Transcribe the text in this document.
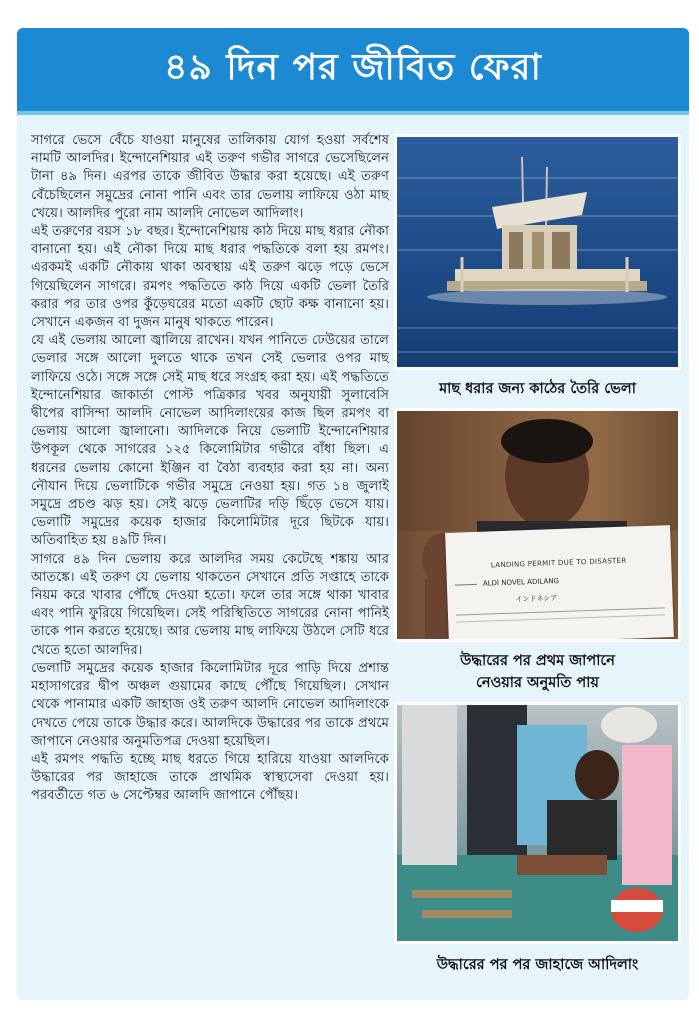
৪৯ দিন পর জীবিত ফেরা

সাগরে ভেসে বেঁচে যাওয়া মানুষের তালিকায় যোগ হওয়া সর্বশেষ নামটি আলদির। ইন্দোনেশিয়ার এই তরুণ গভীর সাগরে ভেসেছিলেন টানা ৪৯ দিন। এরপর তাকে জীবিত উদ্ধার করা হয়েছে। এই তরুণ বেঁচেছিলেন সমুদ্রের নোনা পানি এবং তার ভেলায় লাফিয়ে ওঠা মাছ খেয়ে। আলদির পুরো নাম আলদি নোভেল আদিলাং।

এই তরুণের বয়স ১৮ বছর। ইন্দোনেশিয়ায় কাঠ দিয়ে মাছ ধরার নৌকা বানানো হয়। এই নৌকা দিয়ে মাছ ধরার পদ্ধতিকে বলা হয় রমপং। এরকমই একটি নৌকায় থাকা অবস্থায় এই তরুণ ঝড়ে পড়ে ভেসে গিয়েছিলেন সাগরে। রমপং পদ্ধতিতে কাঠ দিয়ে একটি ভেলা তৈরি করার পর তার ওপর কুঁড়েঘরের মতো একটি ছোট কক্ষ বানানো হয়। সেখানে একজন বা দুজন মানুষ থাকতে পারেন।

যে এই ভেলায় আলো জ্বালিয়ে রাখেন। যখন পানিতে ঢেউয়ের তালে ভেলার সঙ্গে আলো দুলতে থাকে তখন সেই ভেলার ওপর মাছ লাফিয়ে ওঠে। সঙ্গে সঙ্গে সেই মাছ ধরে সংগ্রহ করা হয়। এই পদ্ধতিতে ইন্দোনেশিয়ার জাকার্তা পোস্ট পত্রিকার খবর অনুযায়ী সুলাবেসি দ্বীপের বাসিন্দা আলদি নোভেল আদিলাংয়ের কাজ ছিল রমপং বা ভেলায় আলো জ্বালানো। আদিলকে নিয়ে ভেলাটি ইন্দোনেশিয়ার উপকূল থেকে সাগরের ১২৫ কিলোমিটার গভীরে বাঁধা ছিল। এ ধরনের ভেলায় কোনো ইঞ্জিন বা বৈঠা ব্যবহার করা হয় না। অন্য নৌযান দিয়ে ভেলাটিকে গভীর সমুদ্রে নেওয়া হয়। গত ১৪ জুলাই সমুদ্রে প্রচণ্ড ঝড় হয়। সেই ঝড়ে ভেলাটির দড়ি ছিঁড়ে ভেসে যায়। ভেলাটি সমুদ্রের কয়েক হাজার কিলোমিটার দূরে ছিটকে যায়। অতিবাহিত হয় ৪৯টি দিন।

সাগরে ৪৯ দিন ভেলায় করে আলদির সময় কেটেছে শঙ্কায় আর আতঙ্কে। এই তরুণ যে ভেলায় থাকতেন সেখানে প্রতি সপ্তাহে তাকে নিয়ম করে খাবার পৌঁছে দেওয়া হতো। ফলে তার সঙ্গে থাকা খাবার এবং পানি ফুরিয়ে গিয়েছিল। সেই পরিস্থিতিতে সাগরের নোনা পানিই তাকে পান করতে হয়েছে। আর ভেলায় মাছ লাফিয়ে উঠলে সেটি ধরে খেতে হতো আলদির।

ভেলাটি সমুদ্রের কয়েক হাজার কিলোমিটার দূরে পাড়ি দিয়ে প্রশান্ত মহাসাগরের দ্বীপ অঞ্চল গুয়ামের কাছে পৌঁছে গিয়েছিল। সেখান থেকে পানামার একটি জাহাজ ওই তরুণ আলদি নোভেল আদিলাংকে দেখতে পেয়ে তাকে উদ্ধার করে। আলদিকে উদ্ধারের পর তাকে প্রথমে জাপানে নেওয়ার অনুমতিপত্র দেওয়া হয়েছিল।

এই রমপং পদ্ধতি হচ্ছে মাছ ধরতে গিয়ে হারিয়ে যাওয়া আলদিকে উদ্ধারের পর জাহাজে তাকে প্রাথমিক স্বাস্থ্যসেবা দেওয়া হয়। পরবর্তীতে গত ৬ সেপ্টেম্বর আলদি জাপানে পৌঁছয়।

মাছ ধরার জন্য কাঠের তৈরি ভেলা

LANDING PERMIT DUE TO DISASTER
ALDI NOVEL ADILANG
インドネシア

উদ্ধারের পর প্রথম জাপানে
নেওয়ার অনুমতি পায়

উদ্ধারের পর পর জাহাজে আদিলাং
